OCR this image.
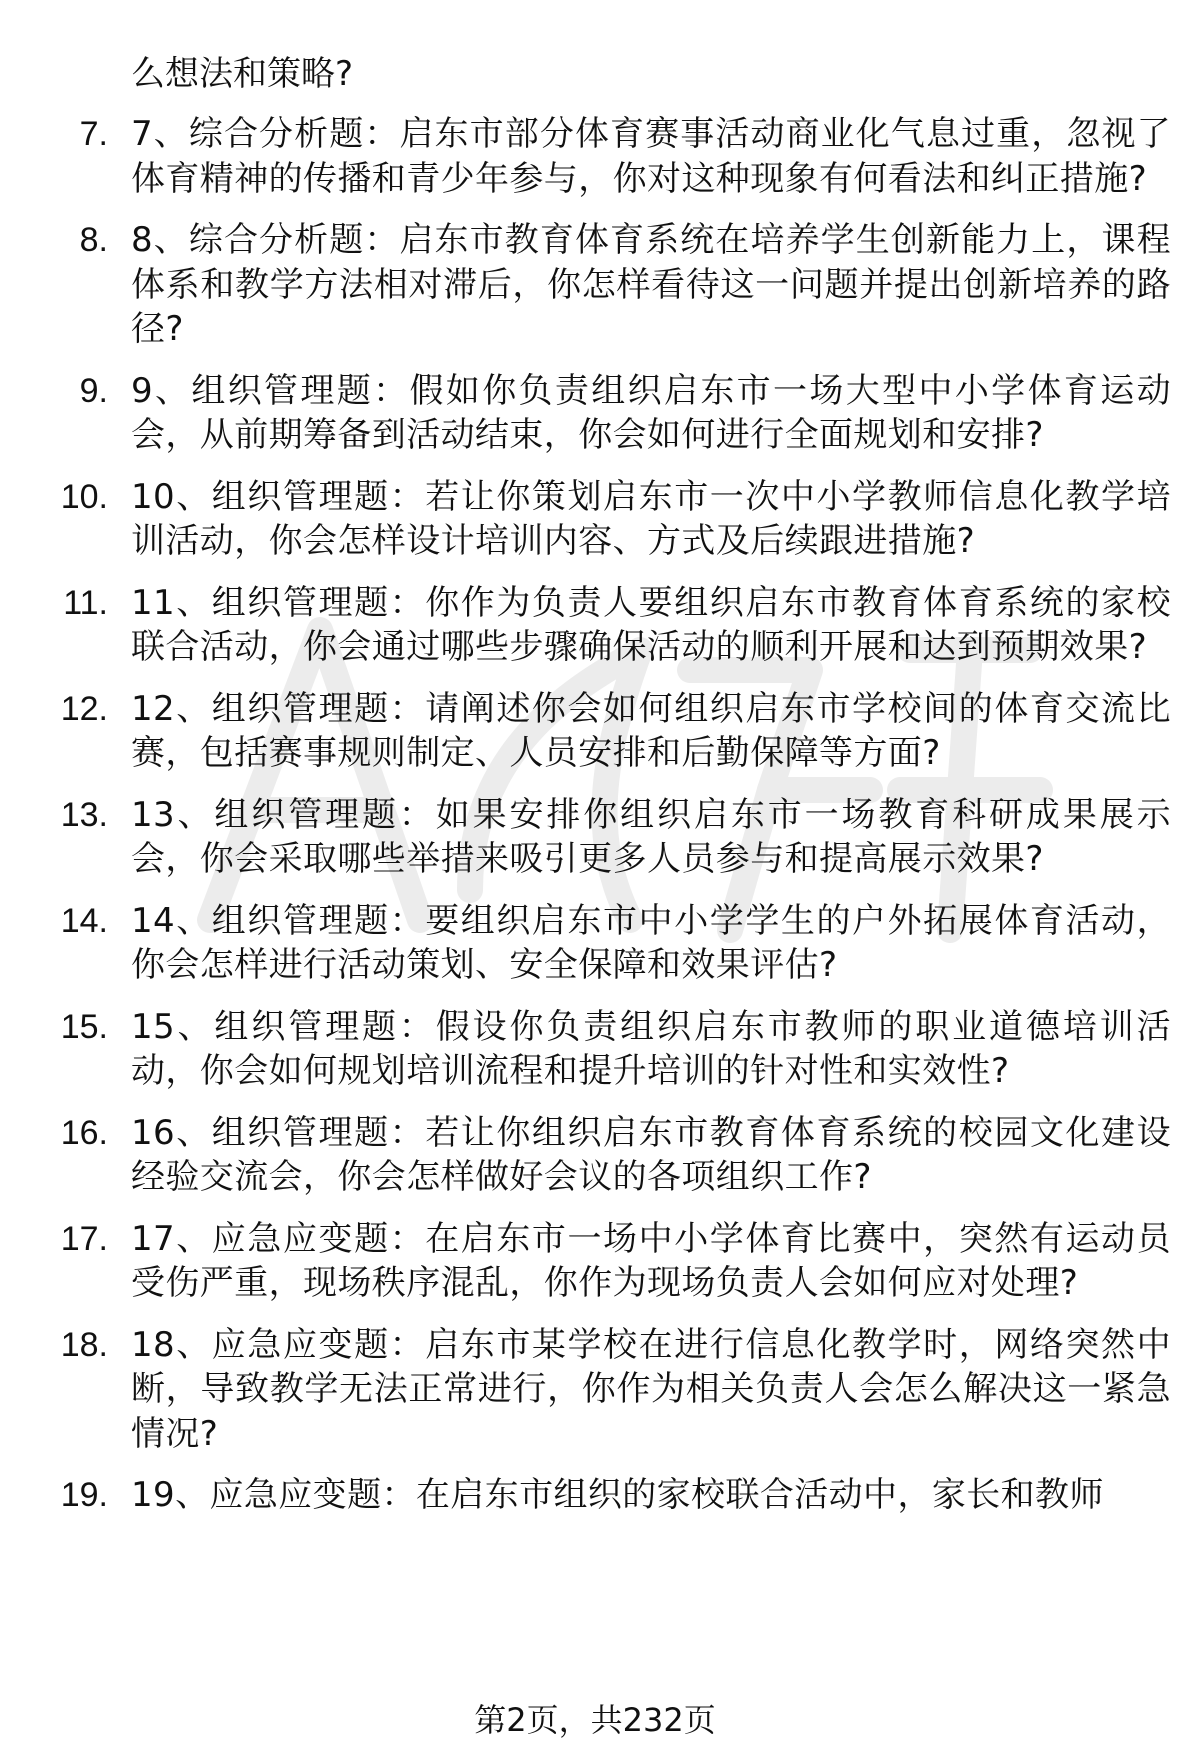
么想法和策略?
7. 7、综合分析题：启东市部分体育赛事活动商业化气息过重，忽视了体育精神的传播和青少年参与，你对这种现象有何看法和纠正措施?
8. 8、综合分析题：启东市教育体育系统在培养学生创新能力上，课程体系和教学方法相对滞后，你怎样看待这一问题并提出创新培养的路径?
9. 9、组织管理题：假如你负责组织启东市一场大型中小学体育运动会，从前期筹备到活动结束，你会如何进行全面规划和安排?
10. 10、组织管理题：若让你策划启东市一次中小学教师信息化教学培训活动，你会怎样设计培训内容、方式及后续跟进措施?
11. 11、组织管理题：你作为负责人要组织启东市教育体育系统的家校联合活动，你会通过哪些步骤确保活动的顺利开展和达到预期效果?
12. 12、组织管理题：请阐述你会如何组织启东市学校间的体育交流比赛，包括赛事规则制定、人员安排和后勤保障等方面?
13. 13、组织管理题：如果安排你组织启东市一场教育科研成果展示会，你会采取哪些举措来吸引更多人员参与和提高展示效果?
14. 14、组织管理题：要组织启东市中小学学生的户外拓展体育活动，你会怎样进行活动策划、安全保障和效果评估?
15. 15、组织管理题：假设你负责组织启东市教师的职业道德培训活动，你会如何规划培训流程和提升培训的针对性和实效性?
16. 16、组织管理题：若让你组织启东市教育体育系统的校园文化建设经验交流会，你会怎样做好会议的各项组织工作?
17. 17、应急应变题：在启东市一场中小学体育比赛中，突然有运动员受伤严重，现场秩序混乱，你作为现场负责人会如何应对处理?
18. 18、应急应变题：启东市某学校在进行信息化教学时，网络突然中断，导致教学无法正常进行，你作为相关负责人会怎么解决这一紧急情况?
19. 19、应急应变题：在启东市组织的家校联合活动中，家长和教师
第2页，共232页
